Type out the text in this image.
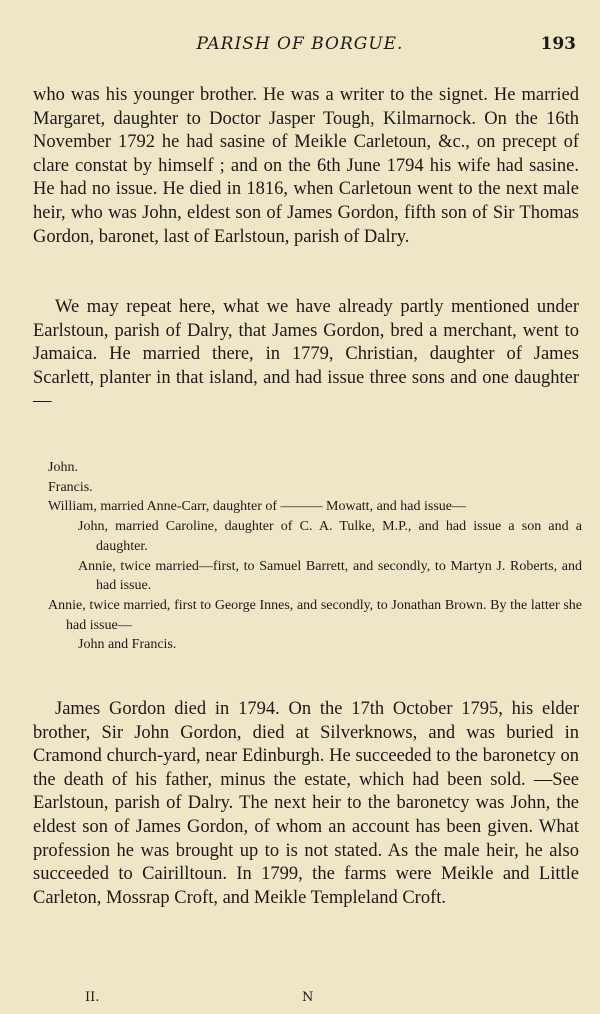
PARISH OF BORGUE.	193

who was his younger brother. He was a writer to the signet. He married Margaret, daughter to Doctor Jasper Tough, Kilmarnock. On the 16th November 1792 he had sasine of Meikle Carletoun, &c., on precept of clare constat by himself ; and on the 6th June 1794 his wife had sasine. He had no issue. He died in 1816, when Carletoun went to the next male heir, who was John, eldest son of James Gordon, fifth son of Sir Thomas Gordon, baronet, last of Earlstoun, parish of Dalry.

We may repeat here, what we have already partly mentioned under Earlstoun, parish of Dalry, that James Gordon, bred a merchant, went to Jamaica. He married there, in 1779, Christian, daughter of James Scarlett, planter in that island, and had issue three sons and one daughter—

John.

Francis.

William, married Anne-Carr, daughter of ——— Mowatt, and had issue—

John, married Caroline, daughter of C. A. Tulke, M.P., and had issue a son and a daughter.

Annie, twice married—first, to Samuel Barrett, and secondly, to Martyn J. Roberts, and had issue.

Annie, twice married, first to George Innes, and secondly, to Jonathan Brown. By the latter she had issue—

John and Francis.

James Gordon died in 1794. On the 17th October 1795, his elder brother, Sir John Gordon, died at Silverknows, and was buried in Cramond church-yard, near Edinburgh. He succeeded to the baronetcy on the death of his father, minus the estate, which had been sold. —See Earlstoun, parish of Dalry. The next heir to the baronetcy was John, the eldest son of James Gordon, of whom an account has been given. What profession he was brought up to is not stated. As the male heir, he also succeeded to Cairilltoun. In 1799, the farms were Meikle and Little Carleton, Mossrap Croft, and Meikle Templeland Croft.

II.	N
